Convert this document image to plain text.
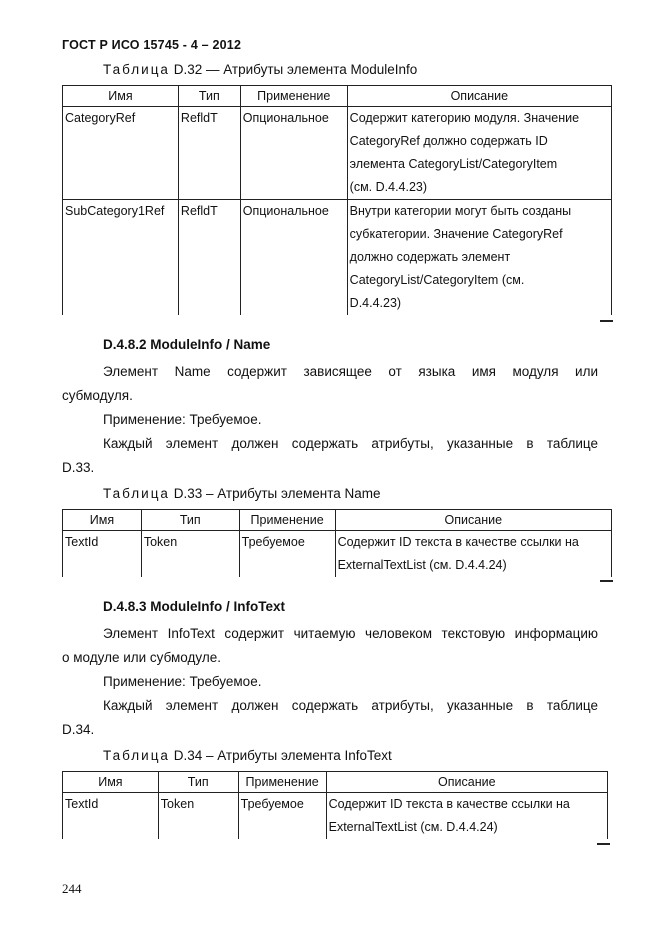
ГОСТ Р ИСО 15745 - 4 – 2012
Таблица D.32 — Атрибуты элемента ModuleInfo
Имя	Тип	Применение	Описание
CategoryRef	RefldT	Опциональное	Содержит категорию модуля. Значение
CategoryRef должно содержать ID
элемента CategoryList/CategoryItem
(см. D.4.4.23)

SubCategory1Ref	RefldT	Опциональное	Внутри категории могут быть созданы
субкатегории. Значение CategoryRef
должно содержать элемент
CategoryList/CategoryItem (см.
D.4.4.23)
D.4.8.2 ModuleInfo / Name

Элемент Name содержит зависящее от языка имя модуля или

субмодуля.

Применение: Требуемое.

Каждый элемент должен содержать атрибуты, указанные в таблице

D.33.
Таблица D.33 – Атрибуты элемента Name
Имя	Тип	Применение	Описание
TextId	Token	Требуемое	Содержит ID текста в качестве ссылки на
ExternalTextList (см. D.4.4.24)
D.4.8.3 ModuleInfo / InfoText

Элемент InfoText содержит читаемую человеком текстовую информацию

о модуле или субмодуле.

Применение: Требуемое.

Каждый элемент должен содержать атрибуты, указанные в таблице

D.34.
Таблица D.34 – Атрибуты элемента InfoText
Имя	Тип	Применение	Описание
TextId	Token	Требуемое	Содержит ID текста в качестве ссылки на
ExternalTextList (см. D.4.4.24)
244
